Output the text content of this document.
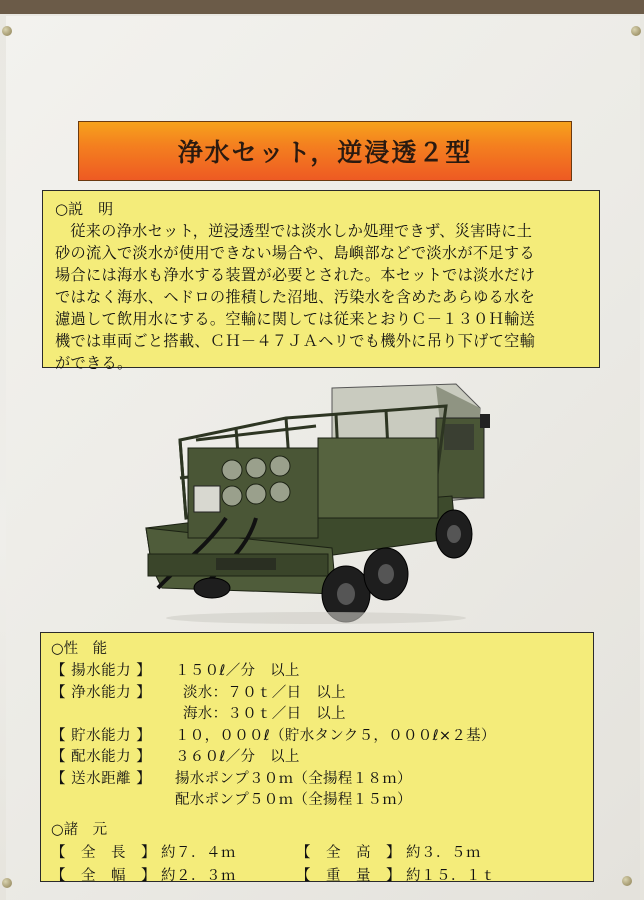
浄水セット，逆浸透２型
○説　明
従来の浄水セット，逆浸透型では淡水しか処理できず、災害時に土
砂の流入で淡水が使用できない場合や、島嶼部などで淡水が不足する
場合には海水も浄水する装置が必要とされた。本セットでは淡水だけ
ではなく海水、ヘドロの推積した沼地、汚染水を含めたあらゆる水を
濾過して飲用水にする。空輸に関しては従来とおりＣ－１３０Ｈ輸送
機では車両ごと搭載、ＣＨ－４７ＪＡヘリでも機外に吊り下げて空輸
ができる。
○性　能
【 揚水能力 】	１５０ℓ／分　以上
【 浄水能力 】	淡水：７０ｔ／日　以上
海水：３０ｔ／日　以上
【 貯水能力 】	１０，０００ℓ（貯水タンク５，０００ℓ×２基）
【 配水能力 】	３６０ℓ／分　以上
【 送水距離 】	揚水ポンプ３０ｍ（全揚程１８ｍ）
配水ポンプ５０ｍ（全揚程１５ｍ）
○諸　元
【　全　長　】 約７．４ｍ	【　全　高　】 約３．５ｍ
【　全　幅　】 約２．３ｍ	【　重　量　】 約１５．１ｔ
